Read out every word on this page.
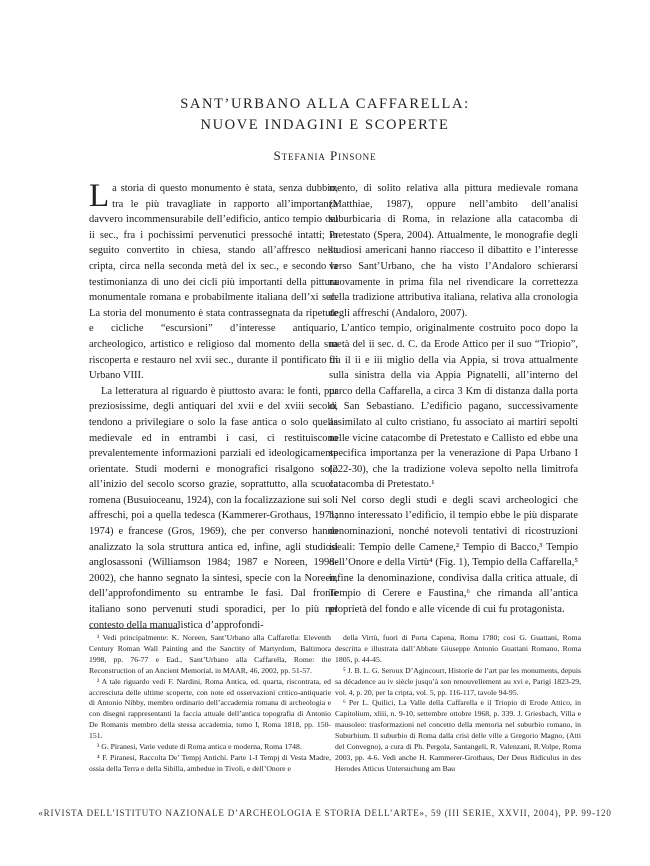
SANT’URBANO ALLA CAFFARELLA:
NUOVE INDAGINI E SCOPERTE
Stefania Pinsone

La storia di questo monumento è stata, senza dubbio, tra le più travagliate in rapporto all’importanza davvero incommensurabile dell’edificio, antico tempio del ii sec., fra i pochissimi pervenutici pressoché intatti; in seguito convertito in chiesa, stando all’affresco nella cripta, circa nella seconda metà del ix sec., e secondo la testimonianza di uno dei cicli più importanti della pittura monumentale romana e probabilmente italiana dell’xi sec. La storia del monumento è stata contrassegnata da ripetute e cicliche “escursioni” d’interesse antiquario, archeologico, artistico e religioso dal momento della sua riscoperta e restauro nel xvii sec., durante il pontificato di Urbano VIII.

La letteratura al riguardo è piuttosto avara: le fonti, pur preziosissime, degli antiquari del xvii e del xviii secolo, tendono a privilegiare o solo la fase antica o solo quella medievale ed in entrambi i casi, ci restituiscono prevalentemente informazioni parziali ed ideologicamente orientate. Studi moderni e monografici risalgono solo all’inizio del secolo scorso grazie, soprattutto, alla scuola romena (Busuioceanu, 1924), con la focalizzazione sui soli affreschi, poi a quella tedesca (Kammerer-Grothaus, 1971; 1974) e francese (Gros, 1969), che per converso hanno analizzato la sola struttura antica ed, infine, agli studiosi anglosassoni (Williamson 1984; 1987 e Noreen, 1998-2002), che hanno segnato la sintesi, specie con la Noreen, dell’approfondimento su entrambe le fasi. Dal fronte italiano sono pervenuti studi sporadici, per lo più nel contesto della manualistica d’approfondi-

mento, di solito relativa alla pittura medievale romana (Matthiae, 1987), oppure nell’ambito dell’analisi suburbicaria di Roma, in relazione alla catacomba di Pretestato (Spera, 2004). Attualmente, le monografie degli studiosi americani hanno riacceso il dibattito e l’interesse verso Sant’Urbano, che ha visto l’Andaloro schierarsi nuovamente in prima fila nel rivendicare la correttezza della tradizione attributiva italiana, relativa alla cronologia degli affreschi (Andaloro, 2007).

L’antico tempio, originalmente costruito poco dopo la metà del ii sec. d. C. da Erode Attico per il suo “Triopio”, fra il ii e iii miglio della via Appia, si trova attualmente sulla sinistra della via Appia Pignatelli, all’interno del parco della Caffarella, a circa 3 Km di distanza dalla porta di San Sebastiano. L’edificio pagano, successivamente assimilato al culto cristiano, fu associato ai martiri sepolti nelle vicine catacombe di Pretestato e Callisto ed ebbe una specifica importanza per la venerazione di Papa Urbano I (222-30), che la tradizione voleva sepolto nella limitrofa catacomba di Pretestato.¹

Nel corso degli studi e degli scavi archeologici che hanno interessato l’edificio, il tempio ebbe le più disparate denominazioni, nonché notevoli tentativi di ricostruzioni ideali: Tempio delle Camene,² Tempio di Bacco,³ Tempio dell’Onore e della Virtù⁴ (Fig. 1), Tempio della Caffarella,⁵ infine la denominazione, condivisa dalla critica attuale, di Tempio di Cerere e Faustina,⁶ che rimanda all’antica proprietà del fondo e alle vicende di cui fu protagonista.

¹ Vedi principalmente: K. Noreen, Sant’Urbano alla Caffarella: Eleventh Century Roman Wall Painting and the Sanctity of Martyrdom, Baltimora 1998, pp. 76-77 e Ead., Sant’Urbano alla Caffarella, Rome: the Reconstruction of an Ancient Memorial, in MAAR, 46, 2002, pp. 51-57.

² A tale riguardo vedi F. Nardini, Roma Antica, ed. quarta, riscontrata, ed accresciuta delle ultime scoperte, con note ed osservazioni critico-antiquarie di Antonio Nibby, membro ordinario dell’accademia romana di archeologia e con disegni rappresentanti la faccia attuale dell’antica topografia di Antonio De Romanis membro della stessa accademia, tomo I, Roma 1818, pp. 150-151.

³ G. Piranesi, Varie vedute di Roma antica e moderna, Roma 1748.

⁴ F. Piranesi, Raccolta De’ Tempj Antichi. Parte 1-I Tempj di Vesta Madre, ossia della Terra e della Sibilla, ambedue in Tivoli, e dell’Onore e

della Virtù, fuori di Porta Capena, Roma 1780; così G. Guattani, Roma descritta e illustrata dall’Abbate Giuseppe Antonio Guattani Romano, Roma 1805, p. 44-45.

⁵ J. B. L. G. Seroux D’Agincourt, Historie de l’art par les monuments, depuis sa décadence au iv siècle jusqu’à son renouvellement au xvi e, Parigi 1823-29, vol. 4, p. 20, per la cripta, vol. 5, pp. 116-117, tavole 94-95.

⁶ Per L. Quilici, La Valle della Caffarella e il Triopio di Erode Attico, in Capitolium, xliii, n. 9-10, settembre ottobre 1968, p. 339. J. Griesbach, Villa e mausoleo: trasformazioni nel concetto della memoria nel suburbio romano, in Suburbium. Il suburbio di Roma dalla crisi delle ville a Gregorio Magno, (Atti del Convegno), a cura di Ph. Pergola, Santangeli, R. Valenzani, R.Volpe, Roma 2003, pp. 4-6. Vedi anche H. Kammerer-Grothaus, Der Deus Ridiculus in des Herodes Atticus Untersuchung am Bau

«RIVISTA DELL’ISTITUTO NAZIONALE D’ARCHEOLOGIA E STORIA DELL’ARTE», 59 (III SERIE, XXVII, 2004), PP. 99-120
